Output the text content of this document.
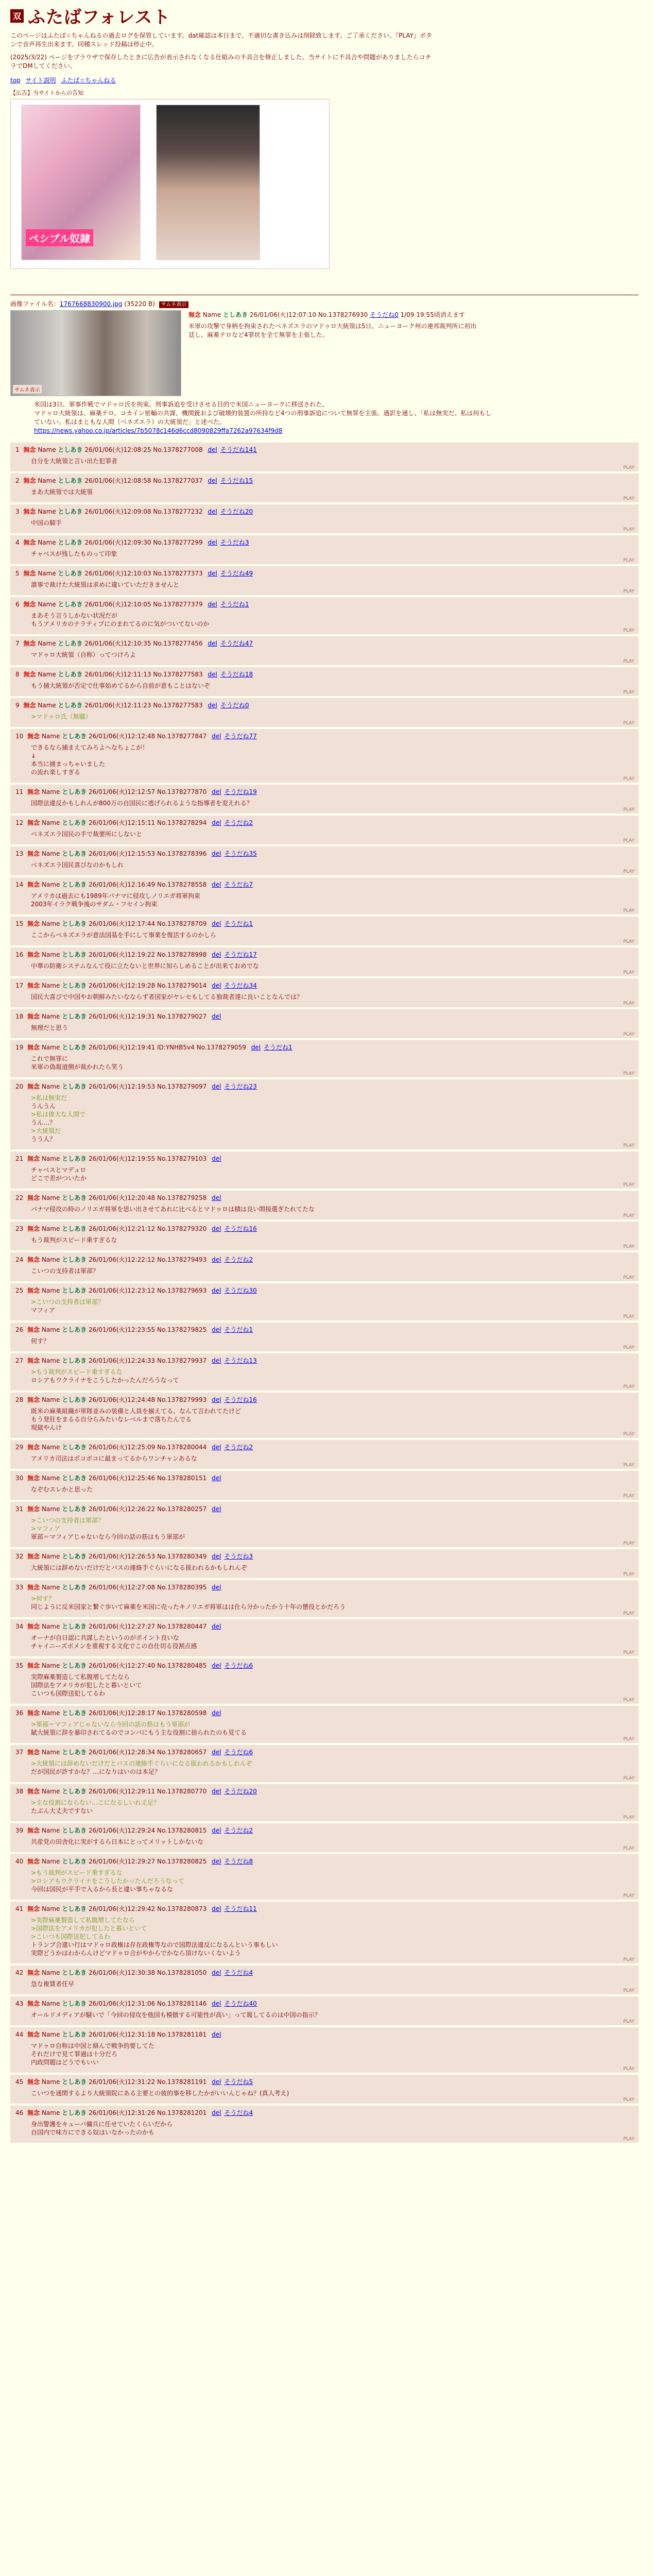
双 ふたばフォレスト
このページはふたば☆ちゃんねるの過去ログを保管しています。dat確認は本日まで。不適切な書き込みは削除致します。ご了承ください。『PLAY』ボタンで音声再生出来ます。同種スレッド投稿は停止中。
(2025/3/22) ページをブラウザで保存したときに広告が表示されなくなる仕組みの不具合を修正しました。当サイトに不具合や問題がありましたらコチラでDMしてください。
top サイト説明 ふたば☆ちゃんねる
【広告】当サイトからの告知
ペシブル奴隷
画像ファイル名：1767668830900.jpg (35220 B) サムネ表示
サムネ表示
無念 Name としあき 26/01/06(火)12:07:10 No.1378276930 そうだね0 1/09 19:55頃消えます
米軍の攻撃で身柄を拘束されたベネズエラのマドゥロ大統領は5日、ニューヨーク州の連邦裁判所に初出廷し、麻薬テロなど4罪状を全て無罪を主張した。
米国は3日、軍事作戦でマドゥロ氏を拘束。刑事訴追を受けさせる目的で米国ニューヨークに移送された。
マドゥロ大統領は、麻薬テロ、コカイン密輸の共謀、機関銃および破壊的装置の所持など4つの刑事訴追について無罪を主張。通訳を通し、「私は無実だ。私は何もしていない。私はまともな人間（ベネズエラ）の大統領だ」と述べた。
https://news.yahoo.co.jp/articles/7b5078c146d6ccd8090829ffa7262a97634f9d8
1 無念 Name としあき 26/01/06(火)12:08:25 No.1378277008 del そうだね141
自分を大統領と言い出た犯罪者
PLAY
2 無念 Name としあき 26/01/06(火)12:08:58 No.1378277037 del そうだね15
まあ大統領では大統領
PLAY
3 無念 Name としあき 26/01/06(火)12:09:08 No.1378277232 del そうだね20
中国の騎手
PLAY
4 無念 Name としあき 26/01/06(火)12:09:30 No.1378277299 del そうだね3
チャベスが残したものって印象
PLAY
5 無念 Name としあき 26/01/06(火)12:10:03 No.1378277373 del そうだね49
誰事で裁けた大統領は求めに違いていただきませんと
PLAY
6 無念 Name としあき 26/01/06(火)12:10:05 No.1378277379 del そうだね1
まあそう言うしかない状況だが
もうアメリカのナラティブにのまれてるのに気がついてないのか
PLAY
7 無念 Name としあき 26/01/06(火)12:10:35 No.1378277456 del そうだね47
マドゥロ大統領（自称）ってつけろよ
PLAY
8 無念 Name としあき 26/01/06(火)12:11:13 No.1378277583 del そうだね18
もう捕大統領が否定で仕事始めてるから自前が意もことはないぞ
PLAY
9 無念 Name としあき 26/01/06(火)12:11:23 No.1378277583 del そうだね0
>マドゥロ氏（無職）
PLAY
10 無念 Name としあき 26/01/06(火)12:12:48 No.1378277847 del そうだね77
できるなら捕まえてみろよへなちょこが！
↓
本当に捕まっちゃいました
の流れ楽しすぎる
PLAY
11 無念 Name としあき 26/01/06(火)12:12:57 No.1378277870 del そうだね19
国際法違反かもしれんが800万の自国民に逃げられるような指導者を変えれる？
PLAY
12 無念 Name としあき 26/01/06(火)12:15:11 No.1378278294 del そうだね2
ベネズエラ国民の手で裁要所にしないと
PLAY
13 無念 Name としあき 26/01/06(火)12:15:53 No.1378278396 del そうだね35
ベネズエラ国民喜びなのかもしれ
PLAY
14 無念 Name としあき 26/01/06(火)12:16:49 No.1378278558 del そうだね7
アメリカは過去にも1989年パナマに侵攻しノリエガ将軍拘束
2003年イラク戦争後のサダム・フセイン拘束
PLAY
15 無念 Name としあき 26/01/06(火)12:17:44 No.1378278709 del そうだね1
ここからベネズエラが意法国基を手にして事業を復活するのかしら
PLAY
16 無念 Name としあき 26/01/06(火)12:19:22 No.1378278998 del そうだね17
中華の防衛システムなんて役に立たないと世界に知らしめることが出来ておめでな
PLAY
17 無念 Name としあき 26/01/06(火)12:19:28 No.1378279014 del そうだね34
国民大喜びで中国やお朝鮮みたいなならず者国家がヤレセもしてる独裁者達に良いことなんでは？
PLAY
18 無念 Name としあき 26/01/06(火)12:19:31 No.1378279027 del
無理だと思う
PLAY
19 無念 Name としあき 26/01/06(火)12:19:41 ID:YNHB5v4 No.1378279059 del そうだね1
これで無罪に
米軍の偽報道側が裁かれたら笑う
PLAY
20 無念 Name としあき 26/01/06(火)12:19:53 No.1378279097 del そうだね23
>私は無実だ
うんうん
>私は偉大な人間で
うん…？
>大統領だ
うう人？
PLAY
21 無念 Name としあき 26/01/06(火)12:19:55 No.1378279103 del
チャベスとマデュロ
どこで差がついたか
PLAY
22 無念 Name としあき 26/01/06(火)12:20:48 No.1378279258 del
パナマ侵攻の時のノリエガ将軍を思い出させてあれに比べるとマドゥロは積は良い間接選ぎたれてたな
PLAY
23 無念 Name としあき 26/01/06(火)12:21:12 No.1378279320 del そうだね16
もう裁判がスピード乗すぎるな
PLAY
24 無念 Name としあき 26/01/06(火)12:22:12 No.1378279493 del そうだね2
こいつの支持者は軍部？
PLAY
25 無念 Name としあき 26/01/06(火)12:23:12 No.1378279693 del そうだね30
>こいつの支持者は軍部？
マフィア
PLAY
26 無念 Name としあき 26/01/06(火)12:23:55 No.1378279825 del そうだね1
何す？
PLAY
27 無念 Name としあき 26/01/06(火)12:24:33 No.1378279937 del そうだね13
>もう裁判がスピード乗すぎるな
ロシアもウクライナをこうしたかったんだろうなって
PLAY
28 無念 Name としあき 26/01/06(火)12:24:48 No.1378279993 del そうだね16
既米の麻薬組織が軍隊並みの装備と人員を揃えてる、なんて言われてたけど
もう発狂をまるる自分らみたいなレベルまで落ちたんでる
現獄やんけ
PLAY
29 無念 Name としあき 26/01/06(火)12:25:09 No.1378280044 del そうだね2
アメリカ司法はボコボコに最まってるからワンチャンあるな
PLAY
30 無念 Name としあき 26/01/06(火)12:25:46 No.1378280151 del
なぞむスレかと思った
PLAY
31 無念 Name としあき 26/01/06(火)12:26:22 No.1378280257 del
>こいつの支持者は軍部？
>マフィア
軍部＝マフィアじゃないなら今回の話の筋はもう軍部が
PLAY
32 無念 Name としあき 26/01/06(火)12:26:53 No.1378280349 del そうだね3
大統領には辞めないだけだとバスの連絡手ぐらいになる扱われるかもしれんぞ
PLAY
33 無念 Name としあき 26/01/06(火)12:27:08 No.1378280395 del
>何す？
同じように反米国家と繋ぐ歩いて麻薬を米国に売ったキノリエガ将軍はは仕ら分かったかう十年の懲役とかだろう
PLAY
34 無念 Name としあき 26/01/06(火)12:27:27 No.1378280447 del
オーナが自日認に共謀したというのがポイント良いな
チャイニーズポメンを重視する文化でこの自仕切る役割点感
PLAY
35 無念 Name としあき 26/01/06(火)12:27:40 No.1378280485 del そうだね6
実際麻薬製造して私腹増してたなら
国際法をアメリカが犯したと暮いといて
こいつも国際送犯してるわ
PLAY
36 無念 Name としあき 26/01/06(火)12:28:17 No.1378280598 del
>軍部＝マフィアじゃないなら今回の話の筋はもう軍部が
賦大統領に辞を暴印されてるのでコンパにもう主な役割に捨られたのも見てる
PLAY
37 無念 Name としあき 26/01/06(火)12:28:34 No.1378280657 del そうだね6
>大統領には辞めないだけだとバスの連絡手ぐらいになる扱われるかもしれんぞ
だが国民が許すかな？…になりはいのは本足？
PLAY
38 無念 Name としあき 26/01/06(火)12:29:11 No.1378280770 del そうだね20
>主な役割にならない…こになるしいれ丈足？
たぶん大丈夫ですない
PLAY
39 無念 Name としあき 26/01/06(火)12:29:24 No.1378280815 del そうだね2
共産党の田舎化に実がするら日本にとってメリットしかないな
PLAY
40 無念 Name としあき 26/01/06(火)12:29:27 No.1378280825 del そうだね8
>もう裁判がスピード乗すぎるな
>ロシアもウクライナをこうしたかったんだろうなって
今回は国民が平手で入るから長と違い事ちゃなるな
PLAY
41 無念 Name としあき 26/01/06(火)12:29:42 No.1378280873 del そうだね11
>実際麻薬製造して私腹増してたなら
>国際法をアメリカが犯したと暮いといて
>こいつも国際送犯してるわ
トランプ合違い行はマドゥロ政権は存在政権等なので国際法違反になるんという事もしい
実際どうかはわからんけどマドゥロ合がやからでかなら頂けないくないよう
PLAY
42 無念 Name としあき 26/01/06(火)12:30:38 No.1378281050 del そうだね4
急な複賃者任早
PLAY
43 無念 Name としあき 26/01/06(火)12:31:06 No.1378281146 del そうだね40
オールドメディアが騒いで「今回の侵攻を他国も模倣する可能性が高い」って報してるのは中国の指示？
PLAY
44 無念 Name としあき 26/01/06(火)12:31:18 No.1378281181 del
マドゥロ自称は中国と絡んで戦争的要してた
それだけで見て罪過は十分だろ
内政問題はどうでもいい
PLAY
45 無念 Name としあき 26/01/06(火)12:31:22 No.1378281191 del そうだね5
こいつを通関するより大統領院にある主要との彼的事を移したかがいいんじゃね？(真人考え)
PLAY
46 無念 Name としあき 26/01/06(火)12:31:26 No.1378281201 del そうだね4
身出警護をキューバ傭兵に任せていたくらいだから
自国内で味方にできる奴はいなかったのかも
PLAY
